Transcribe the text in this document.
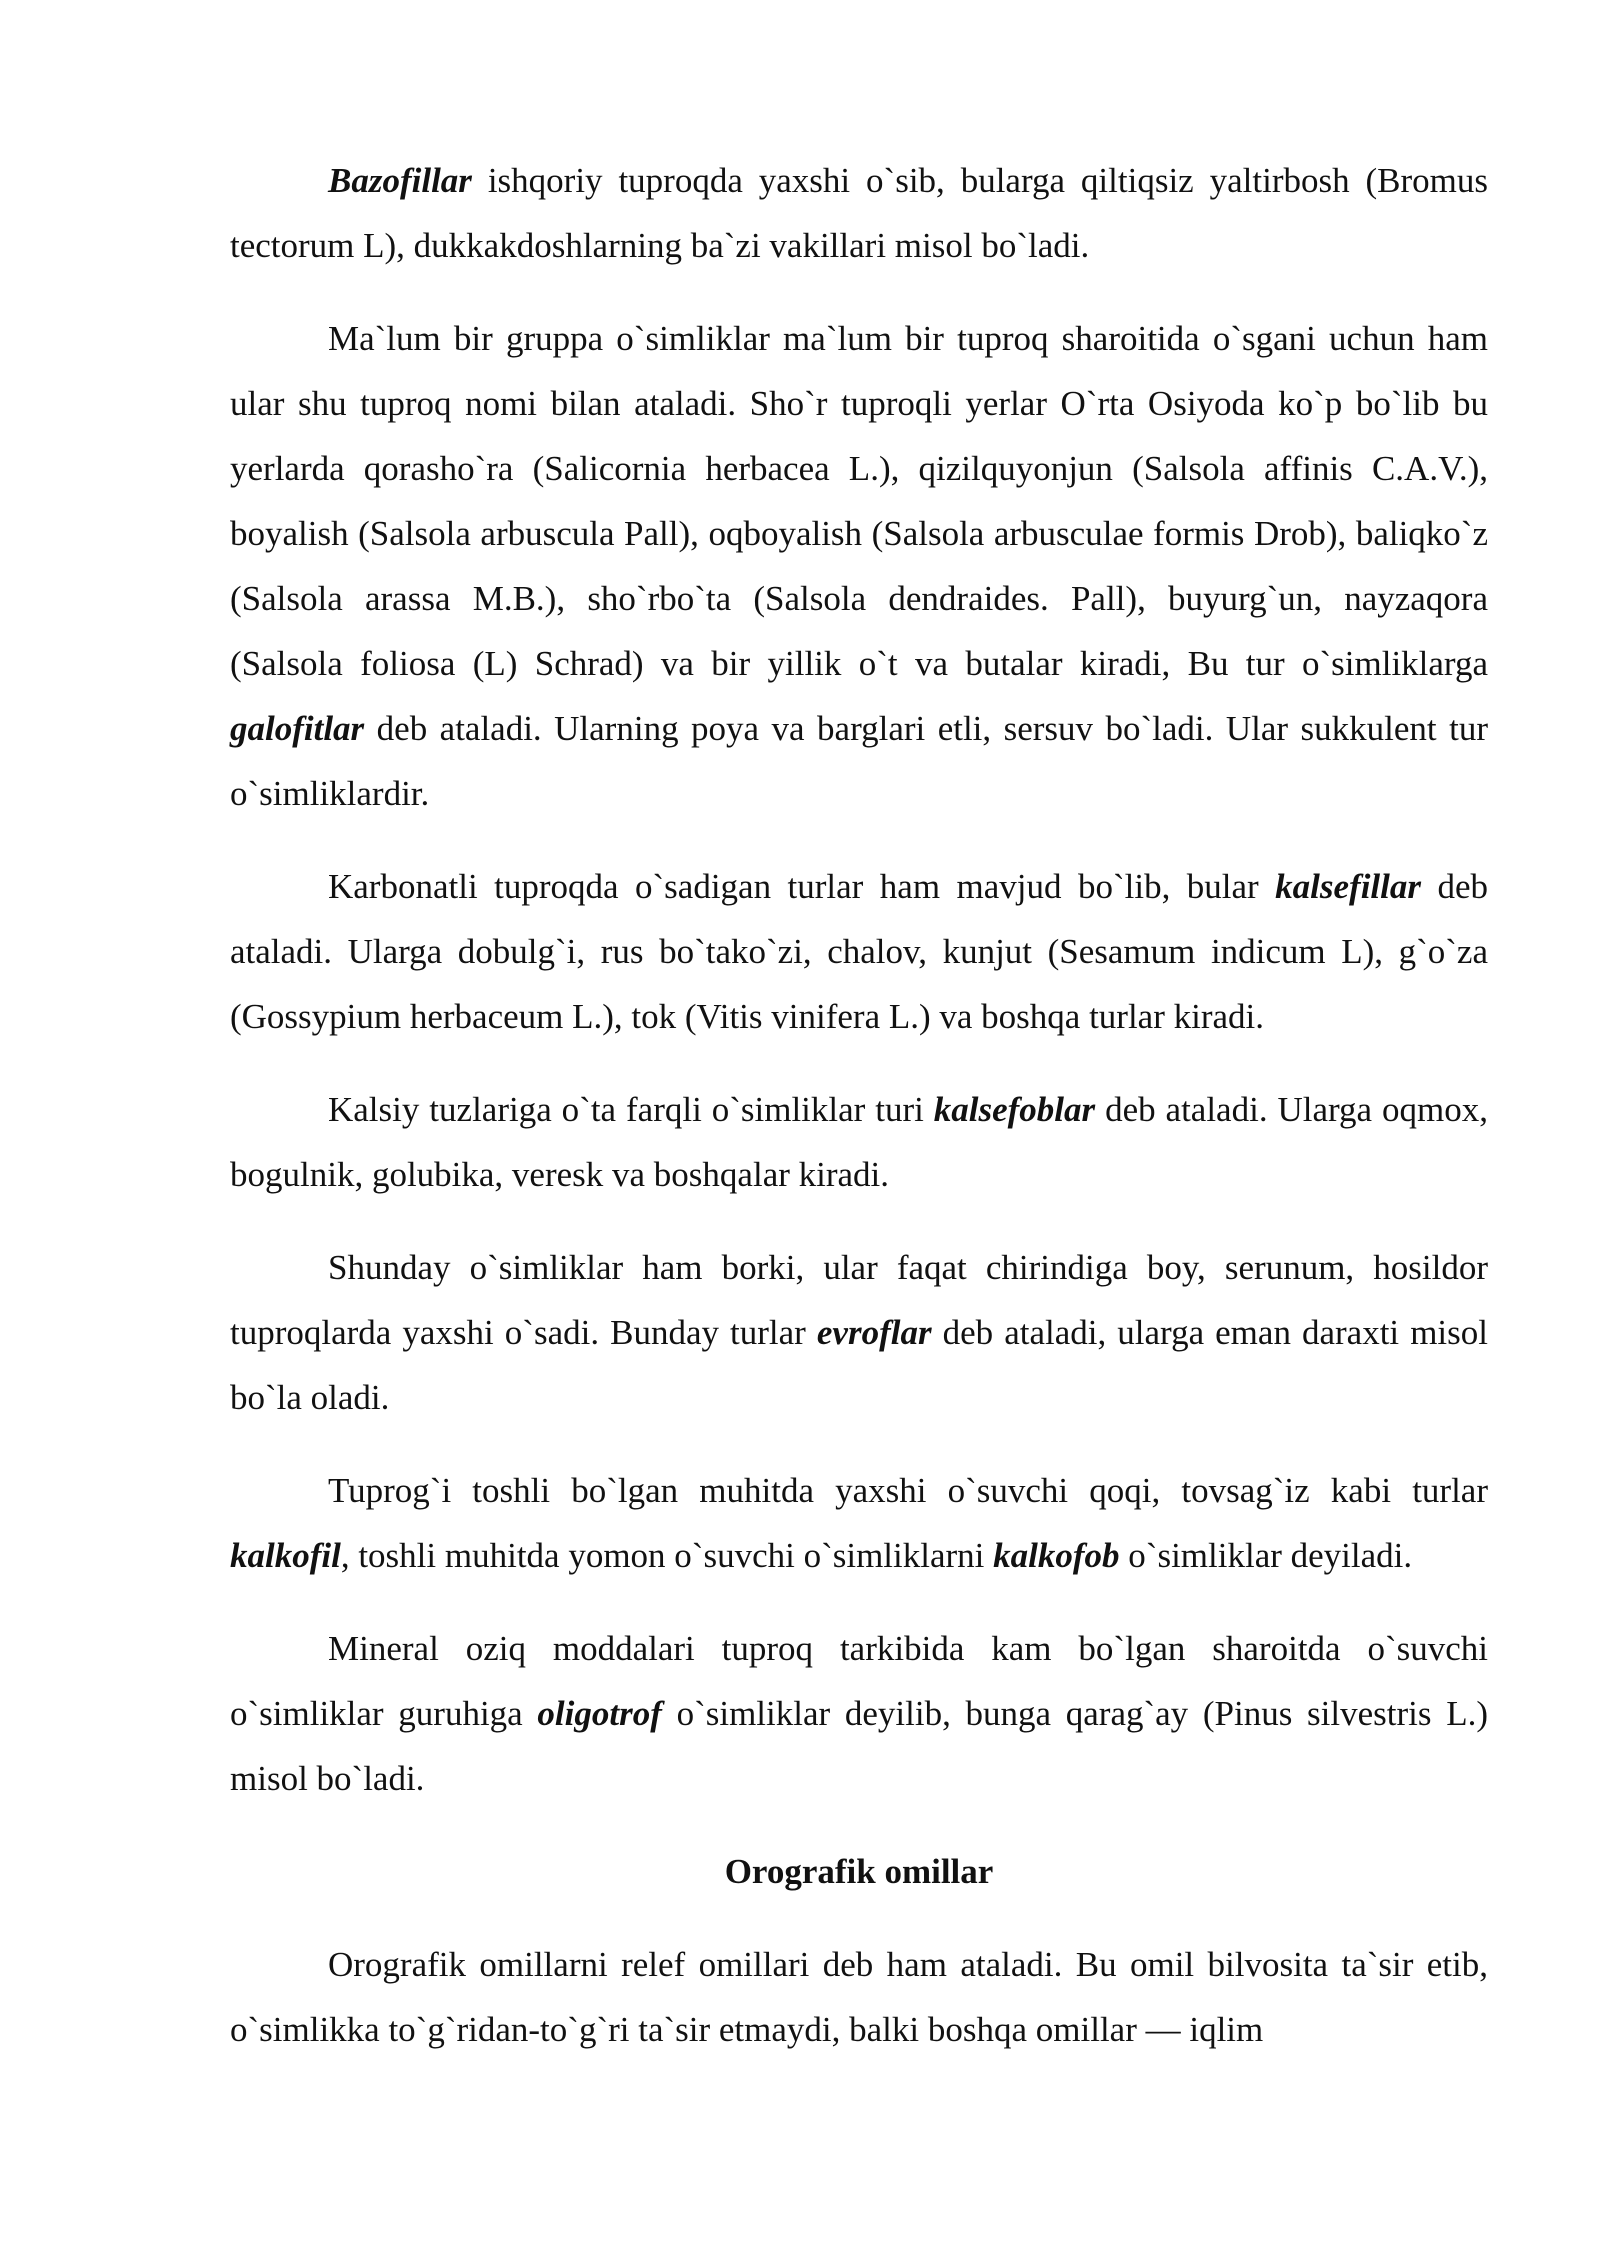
Bazofillar ishqoriy tuproqda yaxshi o`sib, bularga qiltiqsiz yaltirbosh (Bromus tectorum L), dukkakdoshlarning ba`zi vakillari misol bo`ladi.

Ma`lum bir gruppa o`simliklar ma`lum bir tuproq sharoitida o`sgani uchun ham ular shu tuproq nomi bilan ataladi. Sho`r tuproqli yerlar O`rta Osiyoda ko`p bo`lib bu yerlarda qorasho`ra (Salicornia herbacea L.), qizilquyonjun (Salsola affinis C.A.V.), boyalish (Salsola arbuscula Pall), oqboyalish (Salsola arbusculae formis Drob), baliqko`z (Salsola arassa M.B.), sho`rbo`ta (Salsola dendraides. Pall), buyurg`un, nayzaqora (Salsola foliosa (L) Schrad) va bir yillik o`t va butalar kiradi, Bu tur o`simliklarga galofitlar deb ataladi. Ularning poya va barglari etli, sersuv bo`ladi. Ular sukkulent tur o`simliklardir.

Karbonatli tuproqda o`sadigan turlar ham mavjud bo`lib, bular kalsefillar deb ataladi. Ularga dobulg`i, rus bo`tako`zi, chalov, kunjut (Sesamum indicum L), g`o`za (Gossypium herbaceum L.), tok (Vitis vinifera L.) va boshqa turlar kiradi.

Kalsiy tuzlariga o`ta farqli o`simliklar turi kalsefoblar deb ataladi. Ularga oqmox, bogulnik, golubika, veresk va boshqalar kiradi.

Shunday o`simliklar ham borki, ular faqat chirindiga boy, serunum, hosildor tuproqlarda yaxshi o`sadi. Bunday turlar evroflar deb ataladi, ularga eman daraxti misol bo`la oladi.

Tuprog`i toshli bo`lgan muhitda yaxshi o`suvchi qoqi, tovsag`iz kabi turlar kalkofil, toshli muhitda yomon o`suvchi o`simliklarni kalkofob o`simliklar deyiladi.

Mineral oziq moddalari tuproq tarkibida kam bo`lgan sharoitda o`suvchi o`simliklar guruhiga oligotrof o`simliklar deyilib, bunga qarag`ay (Pinus silvestris L.) misol bo`ladi.

Orografik omillar

Orografik omillarni relef omillari deb ham ataladi. Bu omil bilvosita ta`sir etib, o`simlikka to`g`ridan-to`g`ri ta`sir etmaydi, balki boshqa omillar — iqlim
